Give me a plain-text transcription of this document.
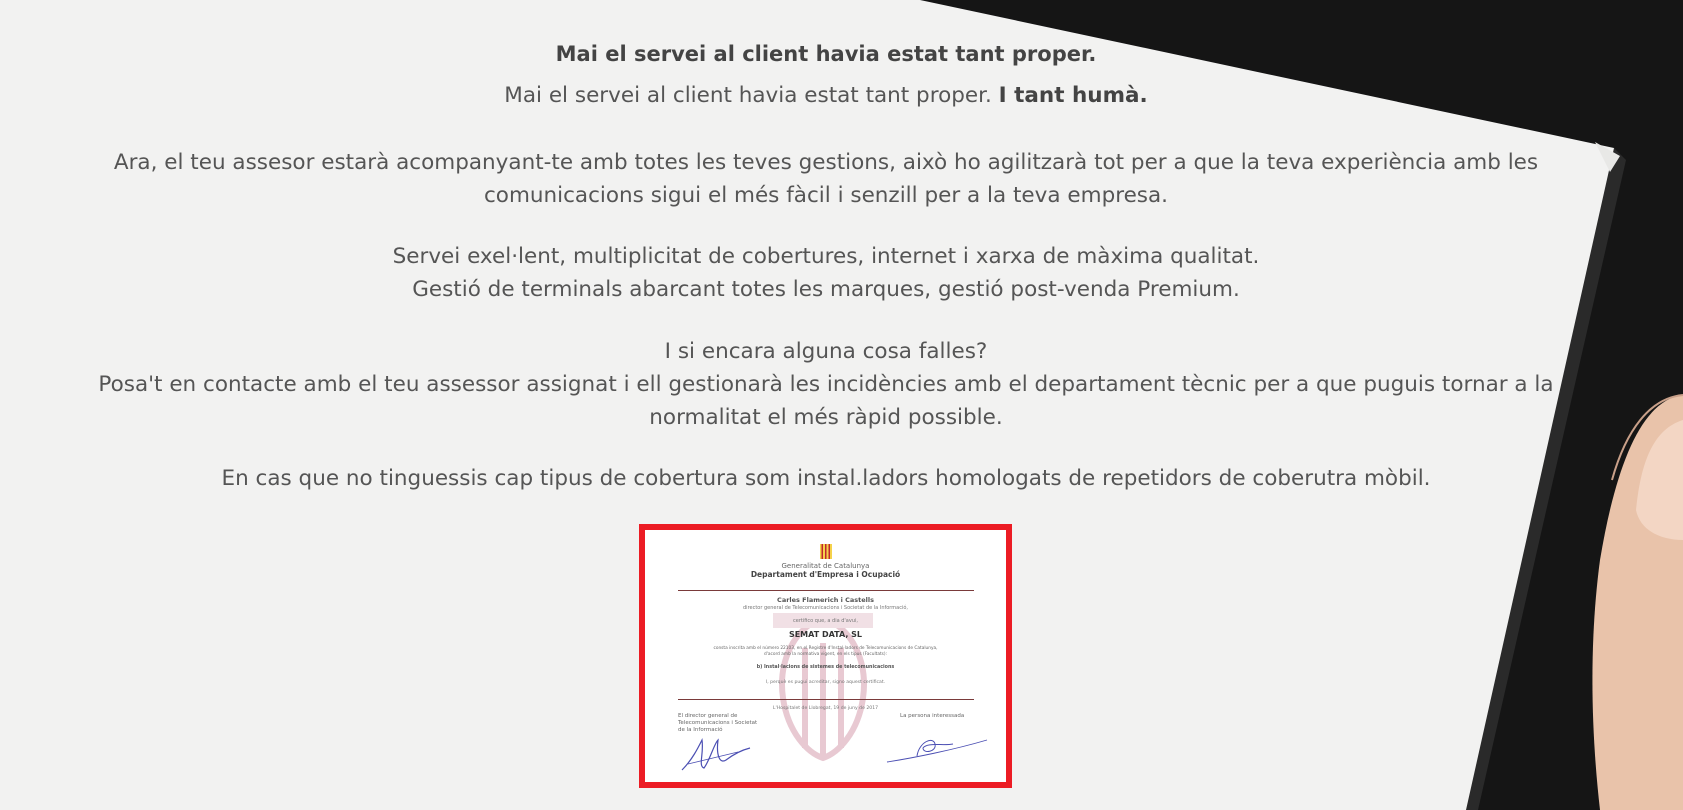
Mai el servei al client havia estat tant proper.
Mai el servei al client havia estat tant proper. I tant humà.
Ara, el teu assesor estarà acompanyant-te amb totes les teves gestions, això ho agilitzarà tot per a que la teva experiència amb les
comunicacions sigui el més fàcil i senzill per a la teva empresa.
Servei exel·lent, multiplicitat de cobertures, internet i xarxa de màxima qualitat.
Gestió de terminals abarcant totes les marques, gestió post-venda Premium.
I si encara alguna cosa falles?
Posa't en contacte amb el teu assessor assignat i ell gestionarà les incidències amb el departament tècnic per a que puguis tornar a la
normalitat el més ràpid possible.
En cas que no tinguessis cap tipus de cobertura som instal.ladors homologats de repetidors de coberutra mòbil.
Generalitat de Catalunya
Departament d'Empresa i Ocupació
Carles Flamerich i Castells
director general de Telecomunicacions i Societat de la Informació,
certifico que, a dia d'avui,
SEMAT DATA, SL
consta inscrita amb el número 22103, en el Registre d'Instal·ladors de Telecomunicacions de Catalunya,
d'acord amb la normativa vigent, en els tipus (Facultats):
b) Instal·lacions de sistemes de telecomunicacions
I, perquè es pugui acreditar, signo aquest certificat.
L'Hospitalet de Llobregat, 19 de juny de 2017
El director general de Telecomunicacions i Societat de la Informació
La persona interessada
